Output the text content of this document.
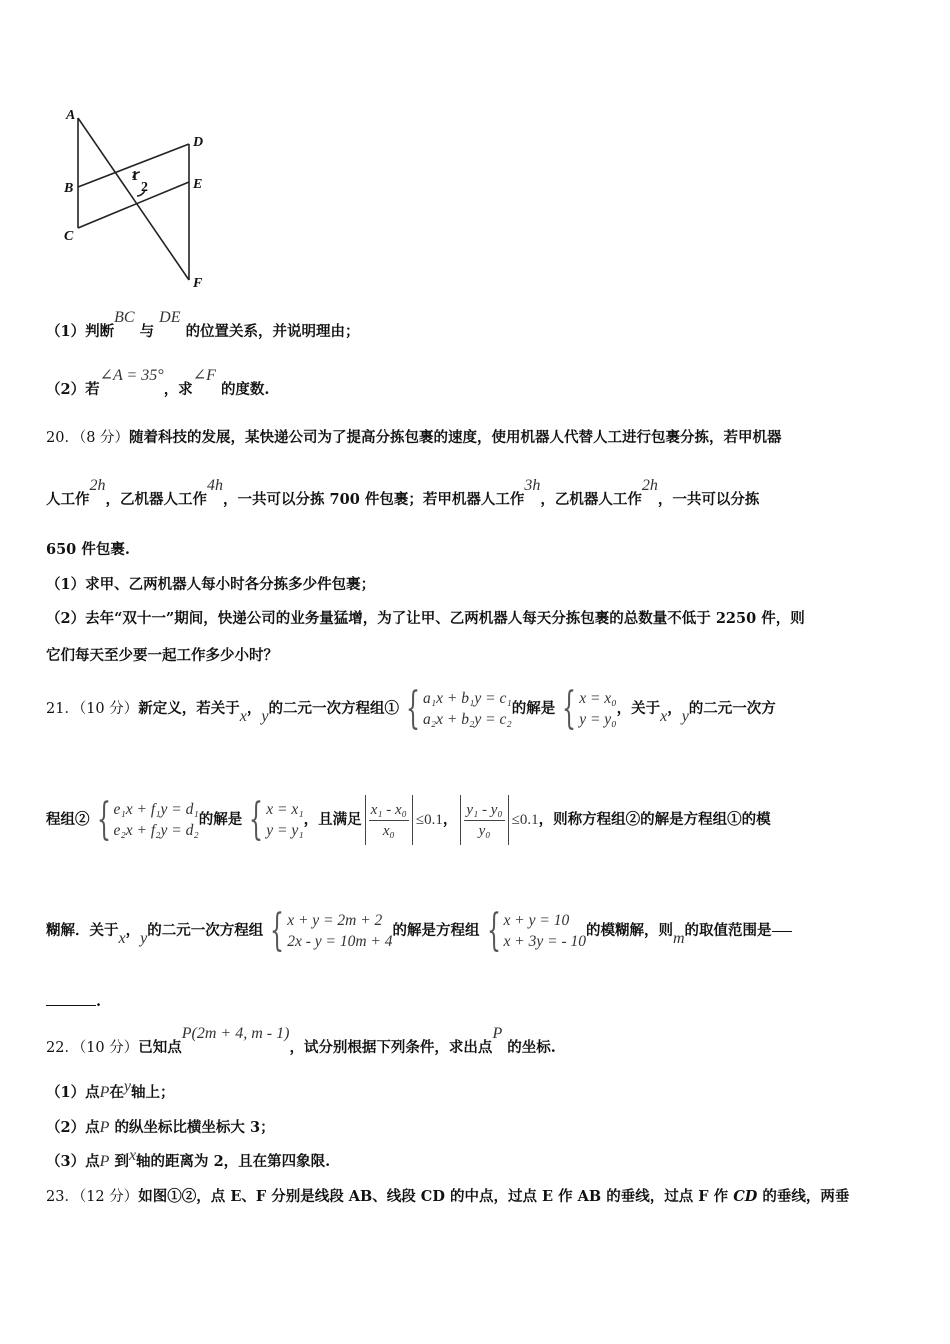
A
B
C
D
E
F
1
2
（1）判断BC 与 DE 的位置关系，并说明理由；
（2）若∠A = 35°，求∠F 的度数.
20．（8 分）随着科技的发展，某快递公司为了提高分拣包裹的速度，使用机器人代替人工进行包裹分拣，若甲机器
人工作2h，乙机器人工作4h，一共可以分拣 700 件包裹；若甲机器人工作3h，乙机器人工作2h，一共可以分拣
650 件包裹.
（1）求甲、乙两机器人每小时各分拣多少件包裹；
（2）去年“双十一”期间，快递公司的业务量猛增，为了让甲、乙两机器人每天分拣包裹的总数量不低于 2250 件，则
它们每天至少要一起工作多少小时？
21．（10 分） 新定义，若关于 x ， y 的二元一次方程组① { a₁x + b₁y = c₁
a₂x + b₂y = c₂
的解是 { x = x₀
y = y₀
，关于 x ， y 的二元一次方
程组② { e₁x + f₁y = d₁
e₂x + f₂y = d₂
的解是 { x = x₁
y = y₁
，且满足 $\frac{\text{x₁ - x₀}}{\text{x₀}} \le 0.1$ ， $\frac{\text{y₁ - y₀}}{\text{y₀}} \le 0.1$ ，则称方程组②的解是方程组①的模
糊解．关于 x ， y 的二元一次方程组 { x + y = 2m + 2
2x - y = 10m + 4
的解是方程组 { x + y = 10
x + 3y = - 10
的模糊解，则 m 的取值范围是
.
22．（10 分）已知点P(2m + 4, m - 1)，试分别根据下列条件，求出点P 的坐标.
（1）点P在y轴上；
（2）点P 的纵坐标比横坐标大 3；
（3）点P 到x轴的距离为 2，且在第四象限.
23．（12 分）如图①②，点 E、F 分别是线段 AB、线段 CD 的中点，过点 E 作 AB 的垂线，过点 F 作 CD 的垂线，两垂
